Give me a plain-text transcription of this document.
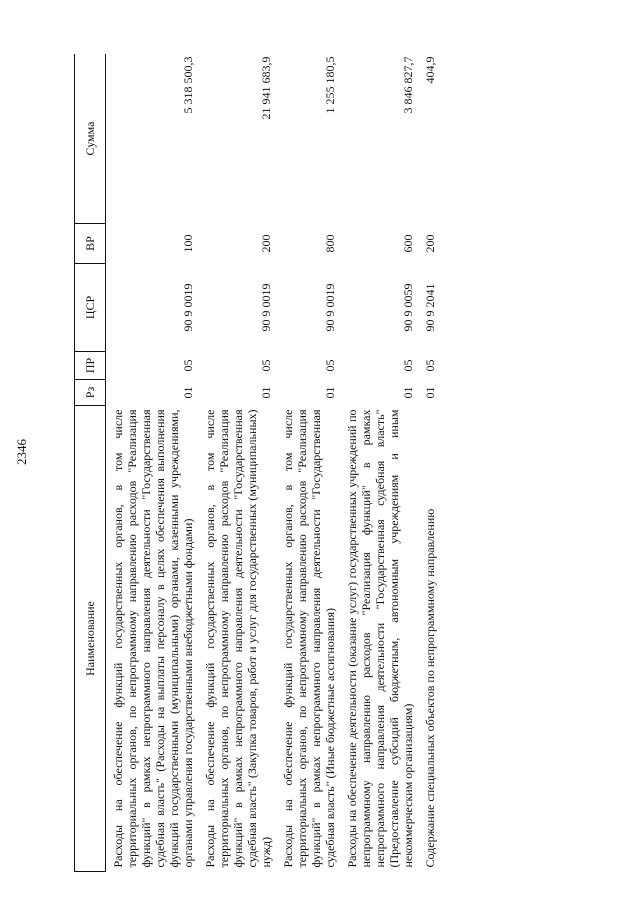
2346
Наименование	Рз	ПР	ЦСР	ВР	Сумма
Расходы на обеспечение функций государственных органов, в том числе территориальных органов, по непрограммному направлению расходов "Реализация функций" в рамках непрограммного направления деятельности "Государственная судебная власть" (Расходы на выплаты персоналу в целях обеспечения выполнения функций государственными (муниципальными) органами, казенными учреждениями, органами управления государственными внебюджетными фондами)	01	05	90 9 0019	100	5 318 500,3
Расходы на обеспечение функций государственных органов, в том числе территориальных органов, по непрограммному направлению расходов "Реализация функций" в рамках непрограммного направления деятельности "Государственная судебная власть" (Закупка товаров, работ и услуг для государственных (муниципальных) нужд)	01	05	90 9 0019	200	21 941 683,9
Расходы на обеспечение функций государственных органов, в том числе территориальных органов, по непрограммному направлению расходов "Реализация функций" в рамках непрограммного направления деятельности "Государственная судебная власть" (Иные бюджетные ассигнования)	01	05	90 9 0019	800	1 255 180,5
Расходы на обеспечение деятельности (оказание услуг) государственных учреждений по непрограммному направлению расходов "Реализация функций" в рамках непрограммного направления деятельности "Государственная судебная власть" (Предоставление субсидий бюджетным, автономным учреждениям и иным некоммерческим организациям)	01	05	90 9 0059	600	3 846 827,7
Содержание специальных объектов по непрограммному направлению	01	05	90 9 2041	200	404,9
